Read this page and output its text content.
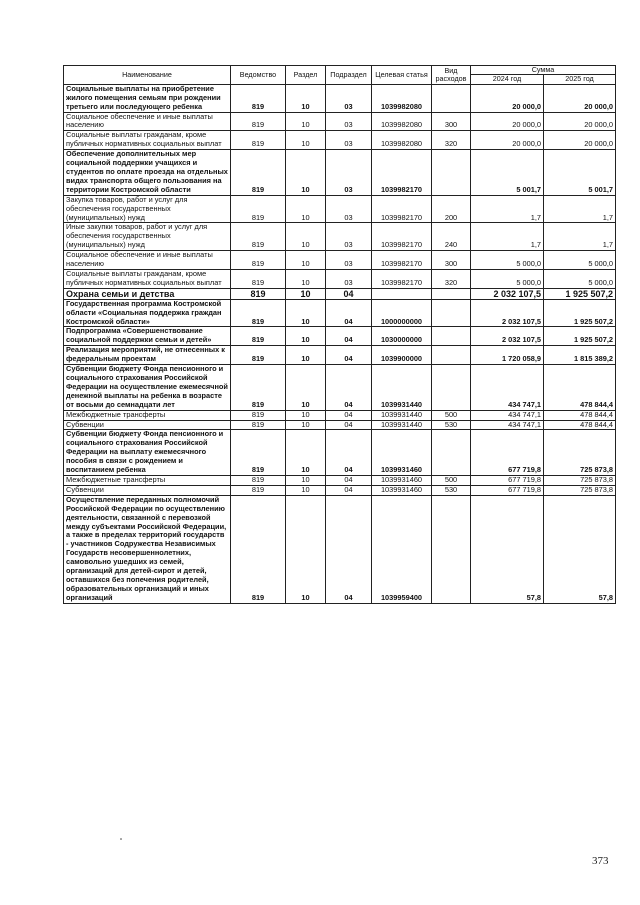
Наименование	Ведомство	Раздел	Подраздел	Целевая статья	Вид расходов	Сумма	
						2024 год	2025 год
Социальные выплаты на приобретение жилого помещения семьям при рождении третьего или последующего ребенка	819	10	03	1039982080		20 000,0	20 000,0
Социальное обеспечение и иные выплаты населению	819	10	03	1039982080	300	20 000,0	20 000,0
Социальные выплаты гражданам, кроме публичных нормативных социальных выплат	819	10	03	1039982080	320	20 000,0	20 000,0
Обеспечение дополнительных мер социальной поддержки учащихся и студентов по оплате проезда на отдельных видах транспорта общего пользования на территории Костромской области	819	10	03	1039982170		5 001,7	5 001,7
Закупка товаров, работ и услуг для обеспечения государственных (муниципальных) нужд	819	10	03	1039982170	200	1,7	1,7
Иные закупки товаров, работ и услуг для обеспечения государственных (муниципальных) нужд	819	10	03	1039982170	240	1,7	1,7
Социальное обеспечение и иные выплаты населению	819	10	03	1039982170	300	5 000,0	5 000,0
Социальные выплаты гражданам, кроме публичных нормативных социальных выплат	819	10	03	1039982170	320	5 000,0	5 000,0
Охрана семьи и детства	819	10	04			2 032 107,5	1 925 507,2
Государственная программа Костромской области «Социальная поддержка граждан Костромской области»	819	10	04	1000000000		2 032 107,5	1 925 507,2
Подпрограмма «Совершенствование социальной поддержки семьи и детей»	819	10	04	1030000000		2 032 107,5	1 925 507,2
Реализация мероприятий, не отнесенных к федеральным проектам	819	10	04	1039900000		1 720 058,9	1 815 389,2
Субвенции бюджету Фонда пенсионного и социального страхования Российской Федерации на осуществление ежемесячной денежной выплаты на ребенка в возрасте от восьми до семнадцати лет	819	10	04	1039931440		434 747,1	478 844,4
Межбюджетные трансферты	819	10	04	1039931440	500	434 747,1	478 844,4
Субвенции	819	10	04	1039931440	530	434 747,1	478 844,4
Субвенции бюджету Фонда пенсионного и социального страхования Российской Федерации на выплату ежемесячного пособия в связи с рождением и воспитанием ребенка	819	10	04	1039931460		677 719,8	725 873,8
Межбюджетные трансферты	819	10	04	1039931460	500	677 719,8	725 873,8
Субвенции	819	10	04	1039931460	530	677 719,8	725 873,8
Осуществление переданных полномочий Российской Федерации по осуществлению деятельности, связанной с перевозкой между субъектами Российской Федерации, а также в пределах территорий государств - участников Содружества Независимых Государств несовершеннолетних, самовольно ушедших из семей, организаций для детей-сирот и детей, оставшихся без попечения родителей, образовательных организаций и иных организаций	819	10	04	1039959400		57,8	57,8
373
